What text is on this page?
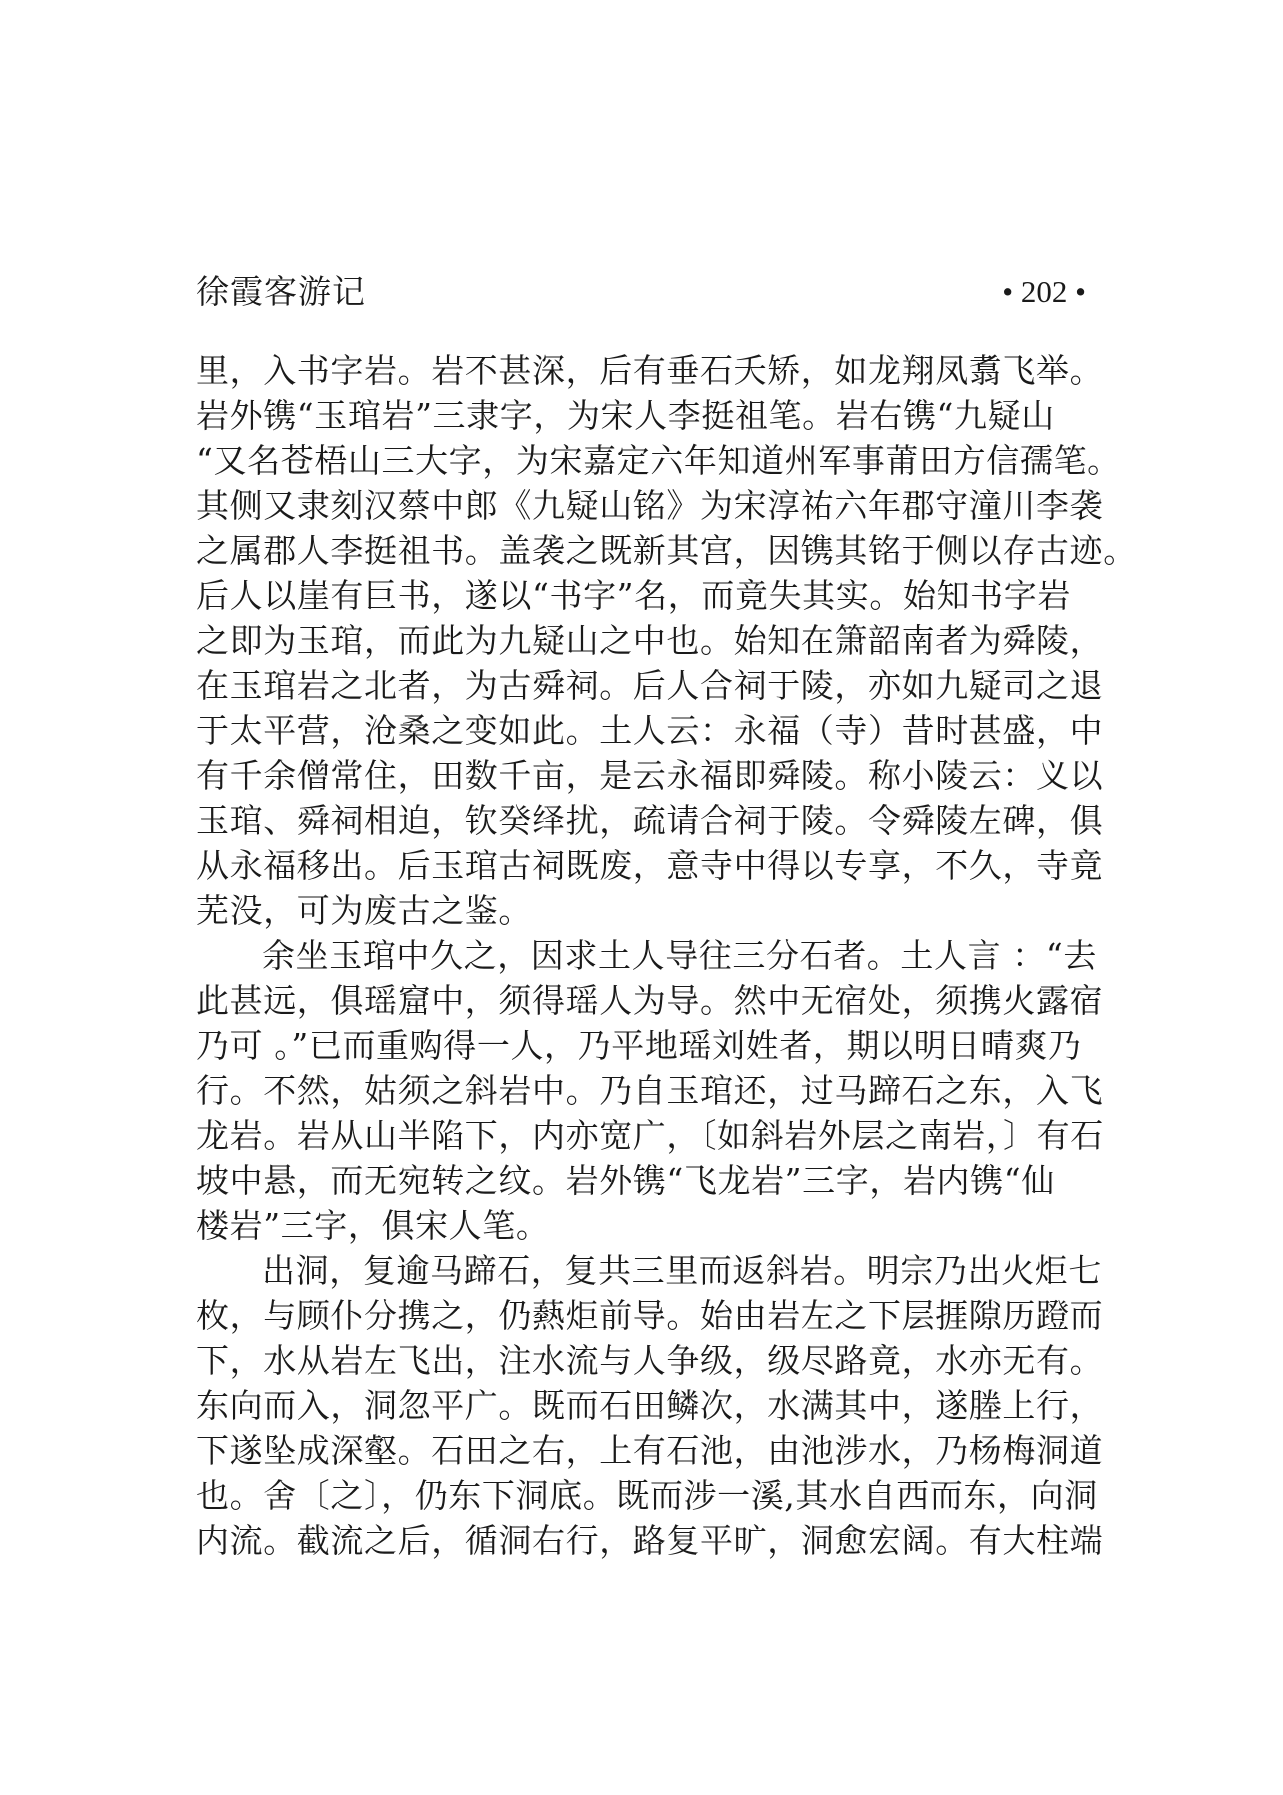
徐霞客游记	• 202 •
里，入书字岩。岩不甚深，后有垂石夭矫，如龙翔凤翥飞举。
岩外镌“玉琯岩”三隶字，为宋人李挺祖笔。岩右镌“九疑山
“又名苍梧山三大字，为宋嘉定六年知道州军事莆田方信孺笔。
其侧又隶刻汉蔡中郎《九疑山铭》为宋淳祐六年郡守潼川李袭
之属郡人李挺祖书。盖袭之既新其宫，因镌其铭于侧以存古迹。
后人以崖有巨书，遂以“书字”名，而竟失其实。始知书字岩
之即为玉琯，而此为九疑山之中也。始知在箫韶南者为舜陵，
在玉琯岩之北者，为古舜祠。后人合祠于陵，亦如九疑司之退
于太平营，沧桑之变如此。土人云：永福（寺）昔时甚盛，中
有千余僧常住，田数千亩，是云永福即舜陵。称小陵云：义以
玉琯、舜祠相迫，钦癸绎扰，疏请合祠于陵。令舜陵左碑，俱
从永福移出。后玉琯古祠既废，意寺中得以专享，不久，寺竟
芜没，可为废古之鉴。
余坐玉琯中久之，因求土人导往三分石者。土人言 ：“去
此甚远，俱瑶窟中，须得瑶人为导。然中无宿处，须携火露宿
乃可 。”已而重购得一人，乃平地瑶刘姓者，期以明日晴爽乃
行。不然，姑须之斜岩中。乃自玉琯还，过马蹄石之东，入飞
龙岩。岩从山半陷下，内亦宽广，〔如斜岩外层之南岩，〕有石
坡中悬，而无宛转之纹。岩外镌“飞龙岩”三字，岩内镌“仙
楼岩”三字，俱宋人笔。
出洞，复逾马蹄石，复共三里而返斜岩。明宗乃出火炬七
枚，与顾仆分携之，仍爇炬前导。始由岩左之下层捱隙历蹬而
下，水从岩左飞出，注水流与人争级，级尽路竟，水亦无有。
东向而入，洞忽平广。既而石田鳞次，水满其中，遂塍上行，
下遂坠成深壑。石田之右，上有石池，由池涉水，乃杨梅洞道
也。舍〔之〕，仍东下洞底。既而涉一溪,其水自西而东，向洞
内流。截流之后，循洞右行，路复平旷，洞愈宏阔。有大柱端
